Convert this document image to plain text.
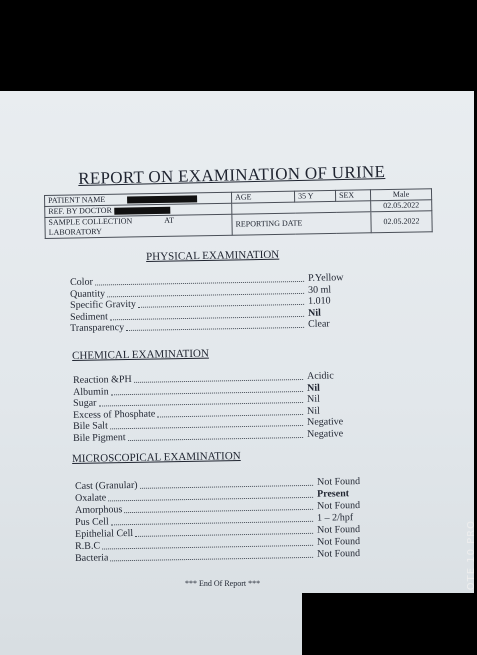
REPORT ON EXAMINATION OF URINE
PATIENT NAME	AGE	35 Y	SEX	Male
REF. BY DOCTOR				02.05.2022
SAMPLE COLLECTION AT LABORATORY	REPORTING DATE			02.05.2022
PHYSICAL EXAMINATION
Color	P.Yellow
Quantity	30 ml
Specific Gravity	1.010
Sediment	Nil
Transparency	Clear
CHEMICAL EXAMINATION
Reaction &PH	Acidic
Albumin	Nil
Sugar	Nil
Excess of Phosphate	Nil
Bile Salt	Negative
Bile Pigment	Negative
MICROSCOPICAL EXAMINATION
Cast (Granular)	Not Found
Oxalate	Present
Amorphous	Not Found
Pus Cell	1 – 2/hpf
Epithelial Cell	Not Found
R.B.C	Not Found
Bacteria	Not Found
*** End Of Report ***	OTE 10 PRO
